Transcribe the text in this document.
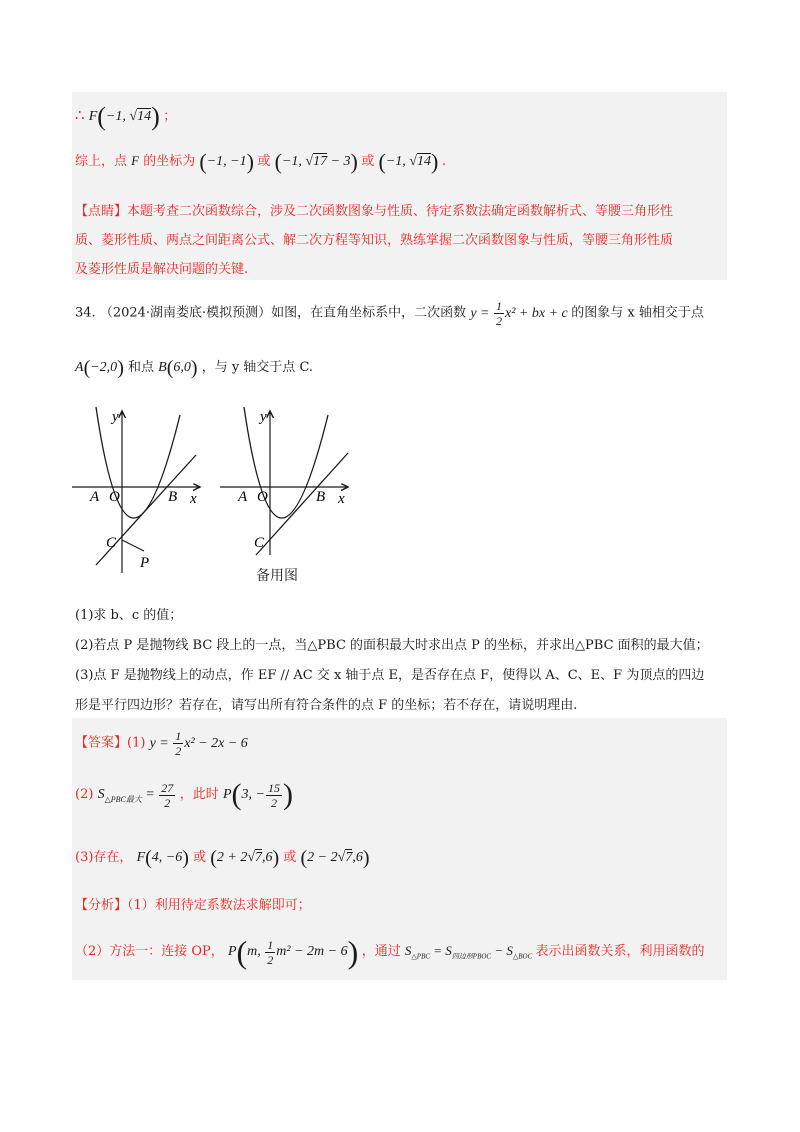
∴ F(−1, √14) ；
综上，点 F 的坐标为 (−1, −1) 或 (−1, √17 − 3) 或 (−1, √14) .
【点睛】本题考查二次函数综合，涉及二次函数图象与性质、待定系数法确定函数解析式、等腰三角形性
质、菱形性质、两点之间距离公式、解二次方程等知识，熟练掌握二次函数图象与性质，等腰三角形性质
及菱形性质是解决问题的关键.
34. （2024·湖南娄底·模拟预测）如图，在直角坐标系中，二次函数 $y = \frac{1}{2} x^2$ + bx + c 的图象与 x 轴相交于点
A(−2,0) 和点 B(6,0) ，与 y 轴交于点 C.
y
x
A O	B
C
P
y
x
A O	B
C
备用图
(1)求 b、c 的值；
(2)若点 P 是抛物线 BC 段上的一点，当△PBC 的面积最大时求出点 P 的坐标，并求出△PBC 面积的最大值；
(3)点 F 是抛物线上的动点，作 EF // AC 交 x 轴于点 E，是否存在点 F，使得以 A、C、E、F 为顶点的四边
形是平行四边形？若存在，请写出所有符合条件的点 F 的坐标；若不存在，请说明理由.
【答案】(1) $y = \frac{1}{2} x^2 - 2x - 6$
(2) $S_{\triangle PBC最大} = \frac{27}{2}$ ，此时 P(3, − $\frac{15}{2}$ )
(3)存在， F(4, −6) 或 (2 + 2√7,6) 或 (2 − 2√7,6)
【分析】（1）利用待定系数法求解即可；
（2）方法一：连接 OP， P(m, $\frac{1}{2} m^2 - 2m - 6$) ，通过 $S_{\triangle PBC} = S_{四边形PBOC} - S_{\triangle BOC}$ 表示出函数关系，利用函数的
